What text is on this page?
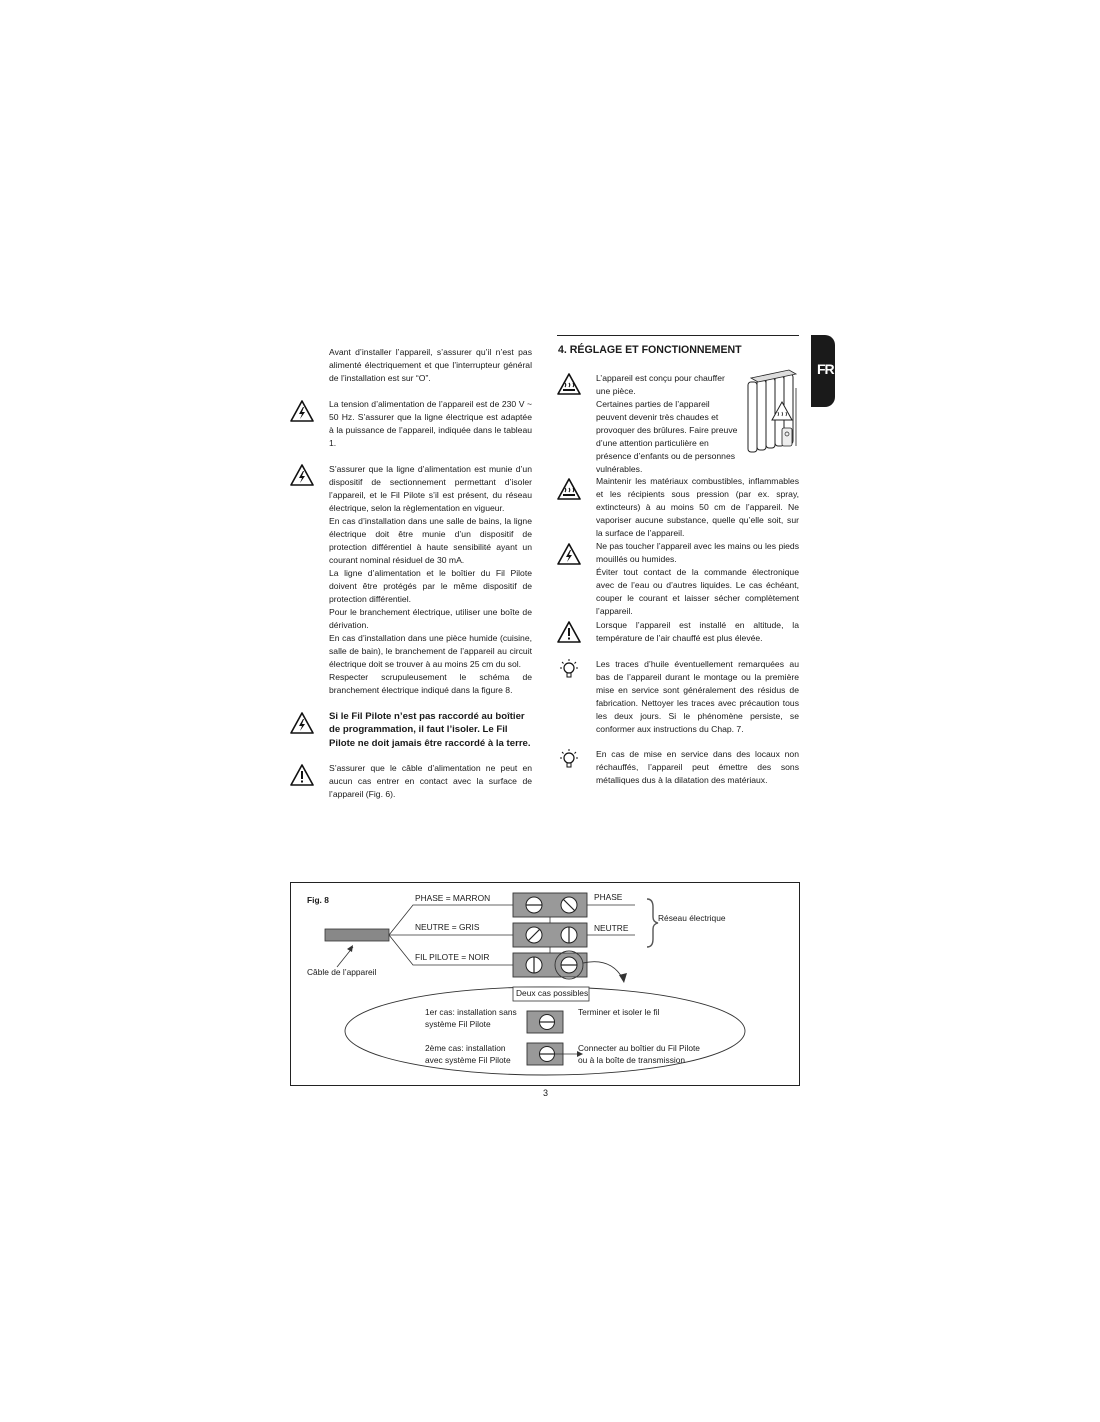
FR

Avant d’installer l’appareil, s’assurer qu’il n’est pas alimenté électriquement et que l’interrupteur général de l’installation est sur “O”.

La tension d’alimentation de l’appareil est de 230 V ~ 50 Hz. S’assurer que la ligne électrique est adaptée à la puissance de l’appareil, indiquée dans le tableau 1.

S’assurer que la ligne d’alimentation est munie d’un dispositif de sectionnement permettant d’isoler l’appareil, et le Fil Pilote s’il est présent, du réseau électrique, selon la règlementation en vigueur.

En cas d’installation dans une salle de bains, la ligne électrique doit être munie d’un dispositif de protection différentiel à haute sensibilité ayant un courant nominal résiduel de 30 mA.

La ligne d’alimentation et le boîtier du Fil Pilote doivent être protégés par le même dispositif de protection différentiel.

Pour le branchement électrique, utiliser une boîte de dérivation.

En cas d’installation dans une pièce humide (cuisine, salle de bain), le branchement de l’appareil au circuit électrique doit se trouver à au moins 25 cm du sol.

Respecter scrupuleusement le schéma de branchement électrique indiqué dans la figure 8.

Si le Fil Pilote n’est pas raccordé au boîtier de programmation, il faut l’isoler. Le Fil Pilote ne doit jamais être raccordé à la terre.

S’assurer que le câble d’alimentation ne peut en aucun cas entrer en contact avec la surface de l’appareil (Fig. 6).

4. RÉGLAGE ET FONCTIONNEMENT

L’appareil est conçu pour chauffer une pièce.

Certaines parties de l’appareil peuvent devenir très chaudes et provoquer des brûlures. Faire preuve d’une attention particulière en présence d’enfants ou de personnes vulnérables.

Maintenir les matériaux combustibles, inflammables et les récipients sous pression (par ex. spray, extincteurs) à au moins 50 cm de l’appareil. Ne vaporiser aucune substance, quelle qu’elle soit, sur la surface de l’appareil.

Ne pas toucher l’appareil avec les mains ou les pieds mouillés ou humides.

Éviter tout contact de la commande électronique avec de l’eau ou d’autres liquides. Le cas échéant, couper le courant et laisser sécher complètement l’appareil.

Lorsque l’appareil est installé en altitude, la température de l’air chauffé est plus élevée.

Les traces d’huile éventuellement remarquées au bas de l’appareil durant le montage ou la première mise en service sont généralement des résidus de fabrication. Nettoyer les traces avec précaution tous les deux jours. Si le phénomène persiste, se conformer aux instructions du Chap. 7.

En cas de mise en service dans des locaux non réchauffés, l’appareil peut émettre des sons métalliques dus à la dilatation des matériaux.

Fig. 8	PHASE = MARRON
NEUTRE = GRIS
FIL PILOTE = NOIR
PHASE
NEUTRE
Réseau électrique
Câble de l’appareil
Deux cas possibles
1er cas: installation sans
système Fil Pilote
Terminer et isoler le fil
2ème cas: installation
avec système Fil Pilote
Connecter au boîtier du Fil Pilote
ou à la boîte de transmission
3
